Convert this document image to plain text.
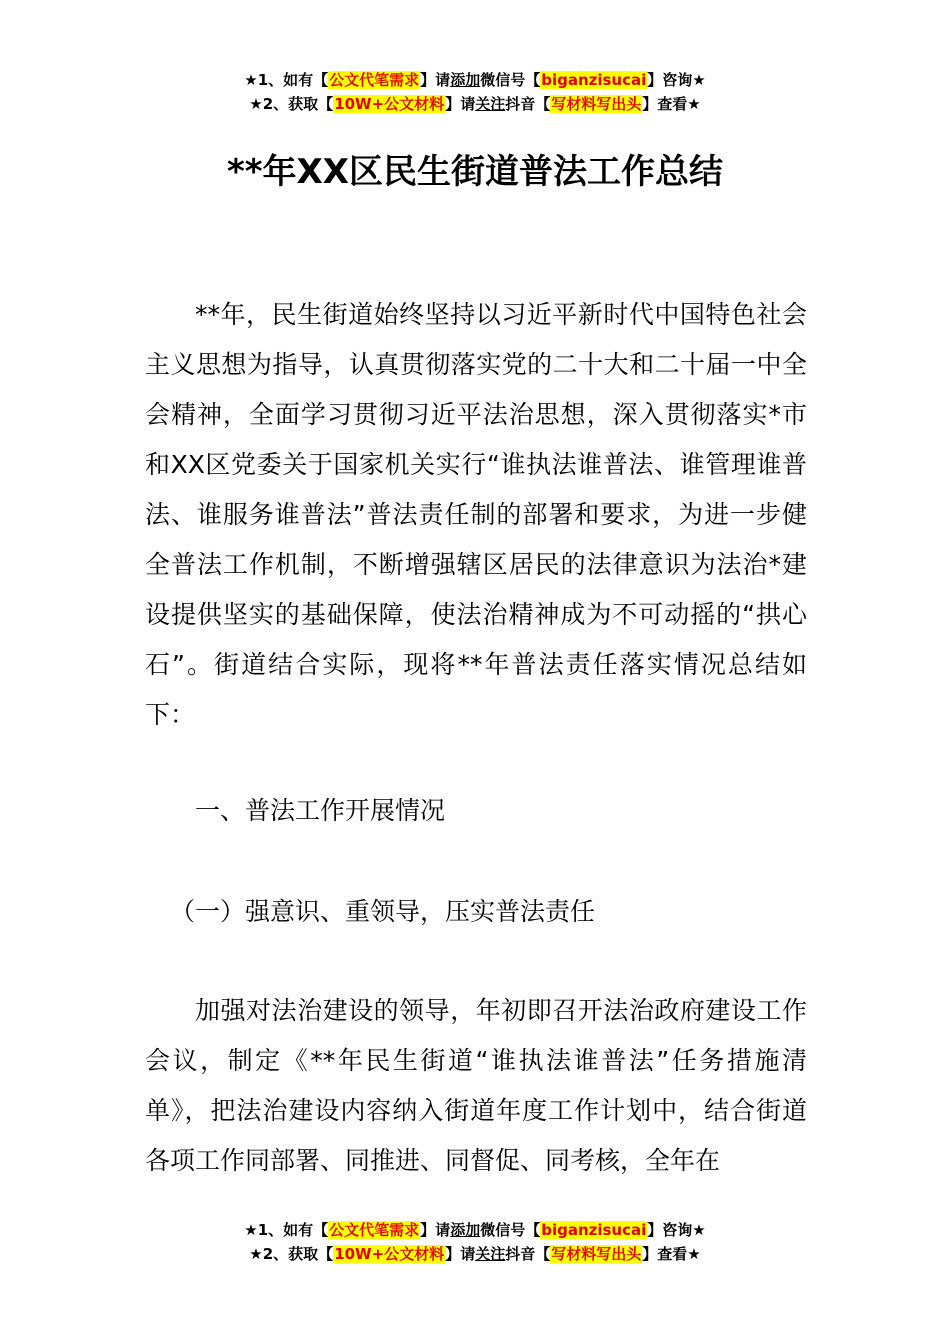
★1、如有【公文代笔需求】请添加微信号【biganzisucai】咨询★
★2、获取【10W+公文材料】请关注抖音【写材料写出头】查看★
**年XX区民生街道普法工作总结

**年，民生街道始终坚持以习近平新时代中国特色社会主义思想为指导，认真贯彻落实党的二十大和二十届一中全会精神，全面学习贯彻习近平法治思想，深入贯彻落实*市和XX区党委关于国家机关实行“谁执法谁普法、谁管理谁普法、谁服务谁普法”普法责任制的部署和要求，为进一步健全普法工作机制，不断增强辖区居民的法律意识为法治*建设提供坚实的基础保障，使法治精神成为不可动摇的“拱心石”。街道结合实际，现将**年普法责任落实情况总结如下：

一、普法工作开展情况
（一）强意识、重领导，压实普法责任

加强对法治建设的领导，年初即召开法治政府建设工作会议，制定《**年民生街道“谁执法谁普法”任务措施清单》，把法治建设内容纳入街道年度工作计划中，结合街道各项工作同部署、同推进、同督促、同考核，全年在

★1、如有【公文代笔需求】请添加微信号【biganzisucai】咨询★
★2、获取【10W+公文材料】请关注抖音【写材料写出头】查看★
